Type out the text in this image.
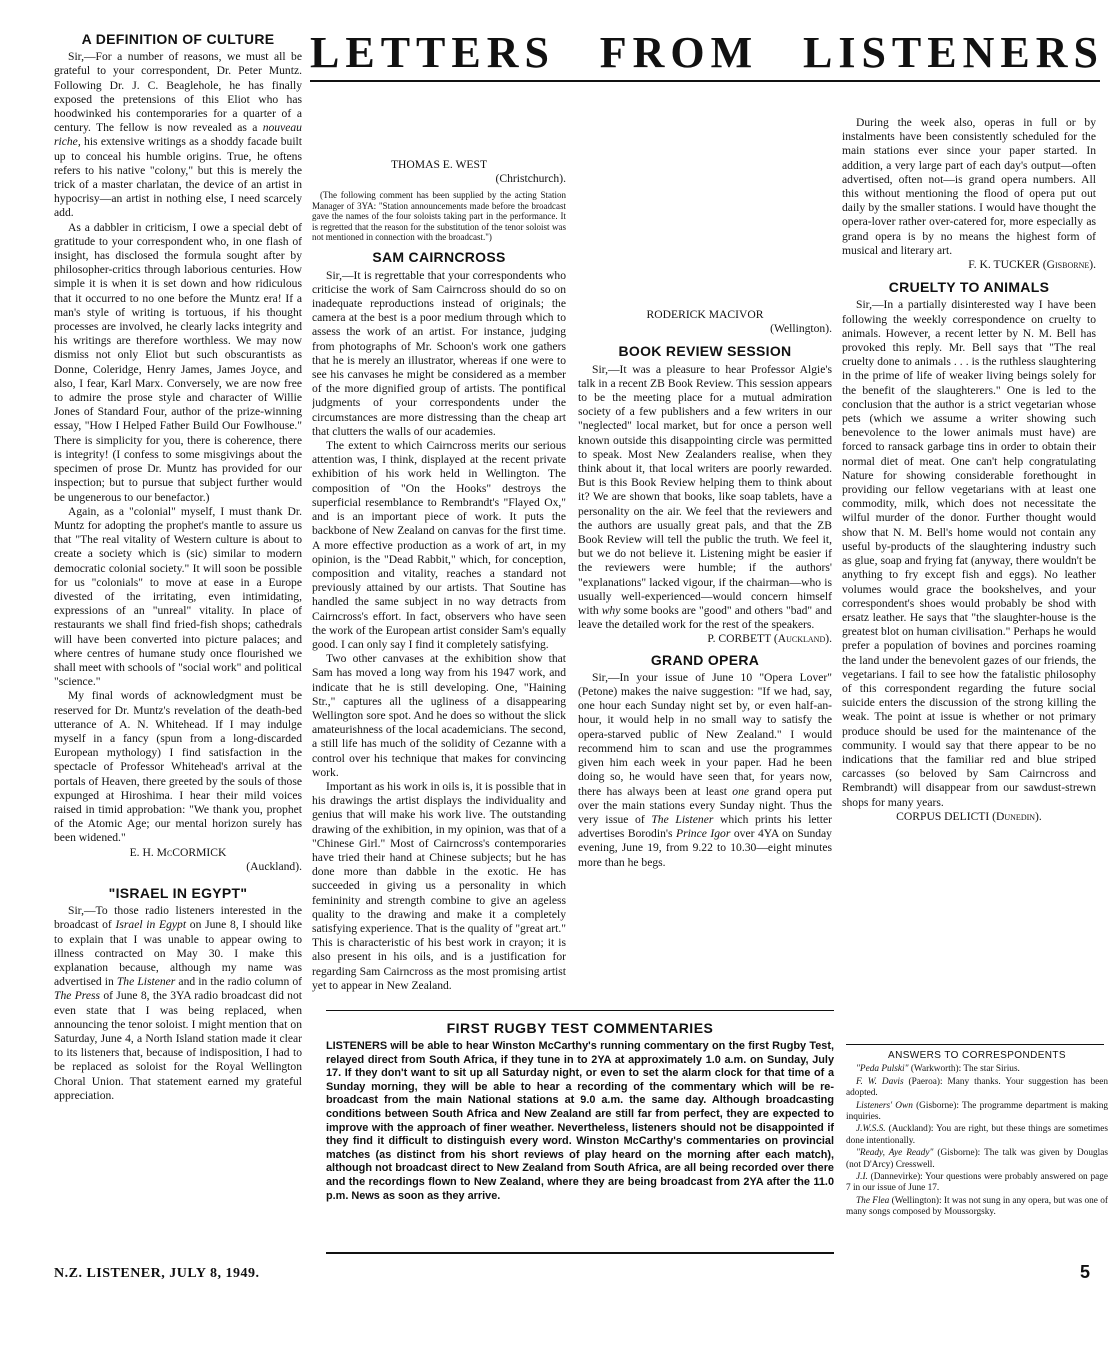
LETTERS FROM LISTENERS
A DEFINITION OF CULTURE

Sir,—For a number of reasons, we must all be grateful to your correspondent, Dr. Peter Muntz. Following Dr. J. C. Beaglehole, he has finally exposed the pretensions of this Eliot who has hoodwinked his contemporaries for a quarter of a century. The fellow is now revealed as a nouveau riche, his extensive writings as a shoddy facade built up to conceal his humble origins. True, he oftens refers to his native "colony," but this is merely the trick of a master charlatan, the device of an artist in hypocrisy—an artist in nothing else, I need scarcely add.

As a dabbler in criticism, I owe a special debt of gratitude to your correspondent who, in one flash of insight, has disclosed the formula sought after by philosopher-critics through laborious centuries. How simple it is when it is set down and how ridiculous that it occurred to no one before the Muntz era! If a man's style of writing is tortuous, if his thought processes are involved, he clearly lacks integrity and his writings are therefore worthless. We may now dismiss not only Eliot but such obscurantists as Donne, Coleridge, Henry James, James Joyce, and also, I fear, Karl Marx. Conversely, we are now free to admire the prose style and character of Willie Jones of Standard Four, author of the prize-winning essay, "How I Helped Father Build Our Fowlhouse." There is simplicity for you, there is coherence, there is integrity! (I confess to some misgivings about the specimen of prose Dr. Muntz has provided for our inspection; but to pursue that subject further would be ungenerous to our benefactor.)

Again, as a "colonial" myself, I must thank Dr. Muntz for adopting the prophet's mantle to assure us that "The real vitality of Western culture is about to create a society which is (sic) similar to modern democratic colonial society." It will soon be possible for us "colonials" to move at ease in a Europe divested of the irritating, even intimidating, expressions of an "unreal" vitality. In place of restaurants we shall find fried-fish shops; cathedrals will have been converted into picture palaces; and where centres of humane study once flourished we shall meet with schools of "social work" and political "science."

My final words of acknowledgment must be reserved for Dr. Muntz's revelation of the death-bed utterance of A. N. Whitehead. If I may indulge myself in a fancy (spun from a long-discarded European mythology) I find satisfaction in the spectacle of Professor Whitehead's arrival at the portals of Heaven, there greeted by the souls of those expunged at Hiroshima. I hear their mild voices raised in timid approbation: "We thank you, prophet of the Atomic Age; our mental horizon surely has been widened."

E. H. McCORMICK

(Auckland).

"ISRAEL IN EGYPT"

Sir,—To those radio listeners interested in the broadcast of Israel in Egypt on June 8, I should like to explain that I was unable to appear owing to illness contracted on May 30. I make this explanation because, although my name was advertised in The Listener and in the radio column of The Press of June 8, the 3YA radio broadcast did not even state that I was being replaced, when announcing the tenor soloist. I might mention that on Saturday, June 4, a North Island station made it clear to its listeners that, because of indisposition, I had to be replaced as soloist for the Royal Wellington Choral Union. That statement earned my grateful appreciation.

THOMAS E. WEST

(Christchurch).

(The following comment has been supplied by the acting Station Manager of 3YA: "Station announcements made before the broadcast gave the names of the four soloists taking part in the performance. It is regretted that the reason for the substitution of the tenor soloist was not mentioned in connection with the broadcast.")

SAM CAIRNCROSS

Sir,—It is regrettable that your correspondents who criticise the work of Sam Cairncross should do so on inadequate reproductions instead of originals; the camera at the best is a poor medium through which to assess the work of an artist. For instance, judging from photographs of Mr. Schoon's work one gathers that he is merely an illustrator, whereas if one were to see his canvases he might be considered as a member of the more dignified group of artists. The pontifical judgments of your correspondents under the circumstances are more distressing than the cheap art that clutters the walls of our academies.

The extent to which Cairncross merits our serious attention was, I think, displayed at the recent private exhibition of his work held in Wellington. The composition of "On the Hooks" destroys the superficial resemblance to Rembrandt's "Flayed Ox," and is an important piece of work. It puts the backbone of New Zealand on canvas for the first time. A more effective production as a work of art, in my opinion, is the "Dead Rabbit," which, for conception, composition and vitality, reaches a standard not previously attained by our artists. That Soutine has handled the same subject in no way detracts from Cairncross's effort. In fact, observers who have seen the work of the European artist consider Sam's equally good. I can only say I find it completely satisfying.

Two other canvases at the exhibition show that Sam has moved a long way from his 1947 work, and indicate that he is still developing. One, "Haining Str.," captures all the ugliness of a disappearing Wellington sore spot. And he does so without the slick amateurishness of the local academicians. The second, a still life has much of the solidity of Cezanne with a control over his technique that makes for convincing work.

Important as his work in oils is, it is possible that in his drawings the artist displays the individuality and genius that will make his work live. The outstanding drawing of the exhibition, in my opinion, was that of a "Chinese Girl." Most of Cairncross's contemporaries have tried their hand at Chinese subjects; but he has done more than dabble in the exotic. He has succeeded in giving us a personality in which femininity and strength combine to give an ageless quality to the drawing and make it a completely satisfying experience. That is the quality of "great art." This is characteristic of his best work in crayon; it is also present in his oils, and is a justification for regarding Sam Cairncross as the most promising artist yet to appear in New Zealand.

RODERICK MACIVOR

(Wellington).

BOOK REVIEW SESSION

Sir,—It was a pleasure to hear Professor Algie's talk in a recent ZB Book Review. This session appears to be the meeting place for a mutual admiration society of a few publishers and a few writers in our "neglected" local market, but for once a person well known outside this disappointing circle was permitted to speak. Most New Zealanders realise, when they think about it, that local writers are poorly rewarded. But is this Book Review helping them to think about it? We are shown that books, like soap tablets, have a personality on the air. We feel that the reviewers and the authors are usually great pals, and that the ZB Book Review will tell the public the truth. We feel it, but we do not believe it. Listening might be easier if the reviewers were humble; if the authors' "explanations" lacked vigour, if the chairman—who is usually well-experienced—would concern himself with why some books are "good" and others "bad" and leave the detailed work for the rest of the speakers.

P. CORBETT (Auckland).

GRAND OPERA

Sir,—In your issue of June 10 "Opera Lover" (Petone) makes the naive suggestion: "If we had, say, one hour each Sunday night set by, or even half-an-hour, it would help in no small way to satisfy the opera-starved public of New Zealand." I would recommend him to scan and use the programmes given him each week in your paper. Had he been doing so, he would have seen that, for years now, there has always been at least one grand opera put over the main stations every Sunday night. Thus the very issue of The Listener which prints his letter advertises Borodin's Prince Igor over 4YA on Sunday evening, June 19, from 9.22 to 10.30—eight minutes more than he begs.

During the week also, operas in full or by instalments have been consistently scheduled for the main stations ever since your paper started. In addition, a very large part of each day's output—often advertised, often not—is grand opera numbers. All this without mentioning the flood of opera put out daily by the smaller stations. I would have thought the opera-lover rather over-catered for, more especially as grand opera is by no means the highest form of musical and literary art.

F. K. TUCKER (Gisborne).

CRUELTY TO ANIMALS

Sir,—In a partially disinterested way I have been following the weekly correspondence on cruelty to animals. However, a recent letter by N. M. Bell has provoked this reply. Mr. Bell says that "The real cruelty done to animals . . . is the ruthless slaughtering in the prime of life of weaker living beings solely for the benefit of the slaughterers." One is led to the conclusion that the author is a strict vegetarian whose pets (which we assume a writer showing such benevolence to the lower animals must have) are forced to ransack garbage tins in order to obtain their normal diet of meat. One can't help congratulating Nature for showing considerable forethought in providing our fellow vegetarians with at least one commodity, milk, which does not necessitate the wilful murder of the donor. Further thought would show that N. M. Bell's home would not contain any useful by-products of the slaughtering industry such as glue, soap and frying fat (anyway, there wouldn't be anything to fry except fish and eggs). No leather volumes would grace the bookshelves, and your correspondent's shoes would probably be shod with ersatz leather. He says that "the slaughter-house is the greatest blot on human civilisation." Perhaps he would prefer a population of bovines and porcines roaming the land under the benevolent gazes of our friends, the vegetarians. I fail to see how the fatalistic philosophy of this correspondent regarding the future social suicide enters the discussion of the strong killing the weak. The point at issue is whether or not primary produce should be used for the maintenance of the community. I would say that there appear to be no indications that the familiar red and blue striped carcasses (so beloved by Sam Cairncross and Rembrandt) will disappear from our sawdust-strewn shops for many years.

CORPUS DELICTI (Dunedin).

FIRST RUGBY TEST COMMENTARIES

LISTENERS will be able to hear Winston McCarthy's running commentary on the first Rugby Test, relayed direct from South Africa, if they tune in to 2YA at approximately 1.0 a.m. on Sunday, July 17. If they don't want to sit up all Saturday night, or even to set the alarm clock for that time of a Sunday morning, they will be able to hear a recording of the commentary which will be re-broadcast from the main National stations at 9.0 a.m. the same day. Although broadcasting conditions between South Africa and New Zealand are still far from perfect, they are expected to improve with the approach of finer weather. Nevertheless, listeners should not be disappointed if they find it difficult to distinguish every word. Winston McCarthy's commentaries on provincial matches (as distinct from his short reviews of play heard on the morning after each match), although not broadcast direct to New Zealand from South Africa, are all being recorded over there and the recordings flown to New Zealand, where they are being broadcast from 2YA after the 11.0 p.m. News as soon as they arrive.

ANSWERS TO CORRESPONDENTS

"Peda Pulski" (Warkworth): The star Sirius.

F. W. Davis (Paeroa): Many thanks. Your suggestion has been adopted.

Listeners' Own (Gisborne): The programme department is making inquiries.

J.W.S.S. (Auckland): You are right, but these things are sometimes done intentionally.

"Ready, Aye Ready" (Gisborne): The talk was given by Douglas (not D'Arcy) Cresswell.

J.I. (Dannevirke): Your questions were probably answered on page 7 in our issue of June 17.

The Flea (Wellington): It was not sung in any opera, but was one of many songs composed by Moussorgsky.

N.Z. LISTENER, JULY 8, 1949.	5
